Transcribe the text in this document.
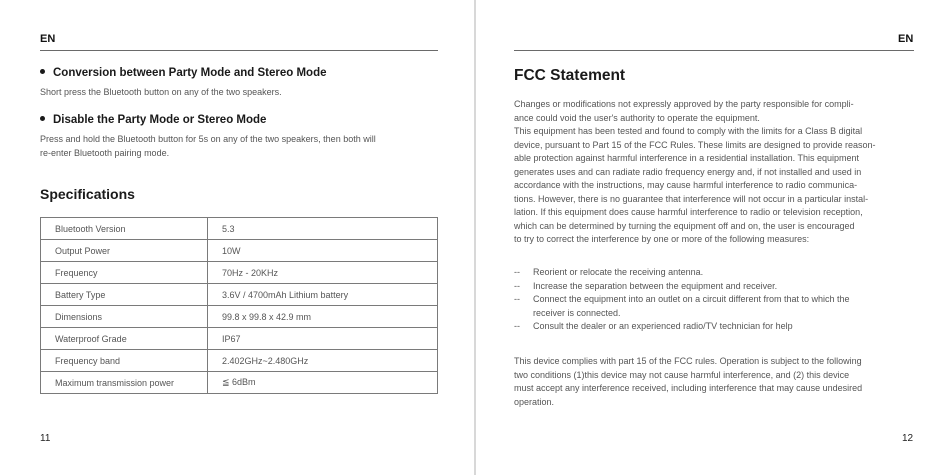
EN
Conversion between Party Mode and Stereo Mode
Short press the Bluetooth button on any of the two speakers.
Disable the Party Mode or Stereo Mode
Press and hold the Bluetooth button for 5s on any of the two speakers, then both will
re-enter Bluetooth pairing mode.
Specifications
Bluetooth Version	5.3
Output Power	10W
Frequency	70Hz - 20KHz
Battery Type	3.6V / 4700mAh Lithium battery
Dimensions	99.8 x 99.8 x 42.9 mm
Waterproof Grade	IP67
Frequency band	2.402GHz~2.480GHz
Maximum transmission power	≦ 6dBm
11
EN
FCC Statement
Changes or modifications not expressly approved by the party responsible for compli-
ance could void the user's authority to operate the equipment.
This equipment has been tested and found to comply with the limits for a Class B digital
device, pursuant to Part 15 of the FCC Rules. These limits are designed to provide reason-
able protection against harmful interference in a residential installation. This equipment
generates uses and can radiate radio frequency energy and, if not installed and used in
accordance with the instructions, may cause harmful interference to radio communica-
tions. However, there is no guarantee that interference will not occur in a particular instal-
lation. If this equipment does cause harmful interference to radio or television reception,
which can be determined by turning the equipment off and on, the user is encouraged
to try to correct the interference by one or more of the following measures:
-- Reorient or relocate the receiving antenna.
-- Increase the separation between the equipment and receiver.
-- Connect the equipment into an outlet on a circuit different from that to which the
receiver is connected.
-- Consult the dealer or an experienced radio/TV technician for help
This device complies with part 15 of the FCC rules. Operation is subject to the following
two conditions (1)this device may not cause harmful interference, and (2) this device
must accept any interference received, including interference that may cause undesired
operation.
12
